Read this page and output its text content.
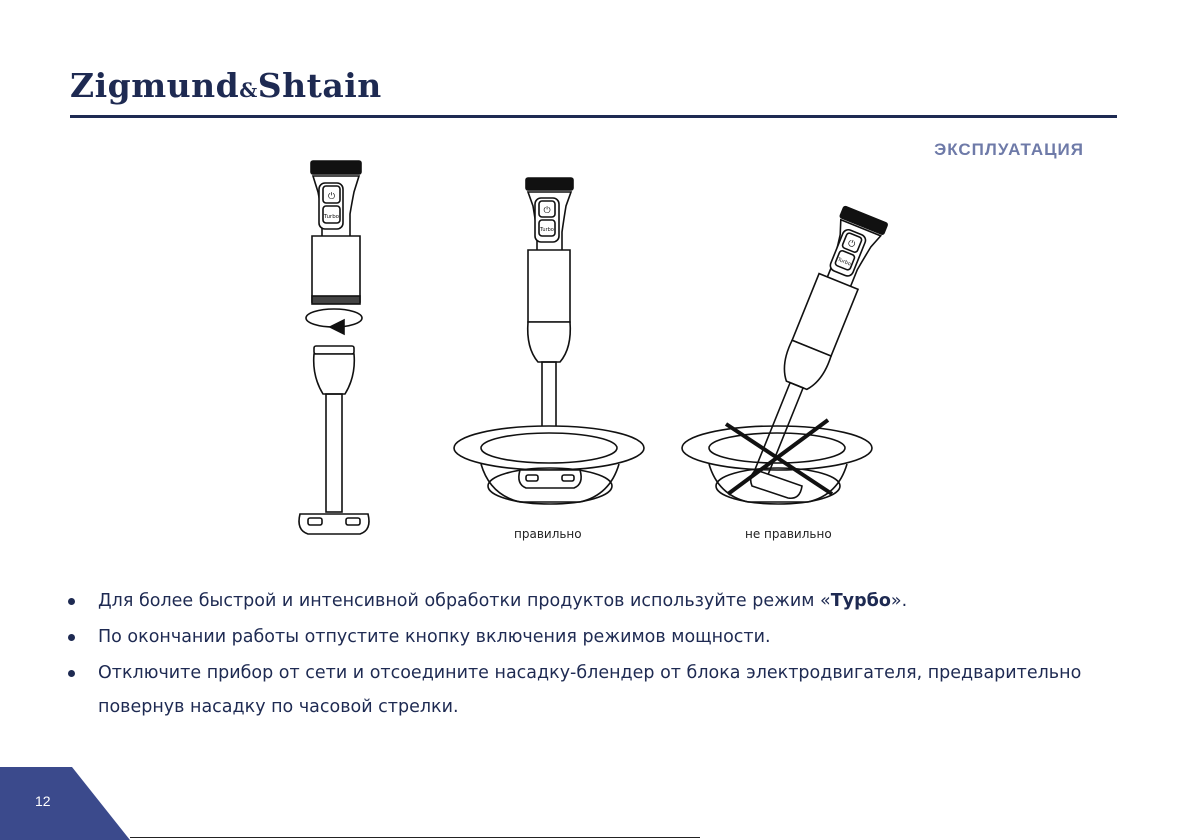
Zigmund&Shtain
ЭКСПЛУАТАЦИЯ
⏻
Turbo
⏻
Turbo
⏻
Turbo
правильно	не правильно
Для более быстрой и интенсивной обработки продуктов используйте режим «Турбо».
По окончании работы отпустите кнопку включения режимов мощности.
Отключите прибор от сети и отсоедините насадку-блендер от блока электродвигателя, предварительно повернув насадку по часовой стрелки.
12
